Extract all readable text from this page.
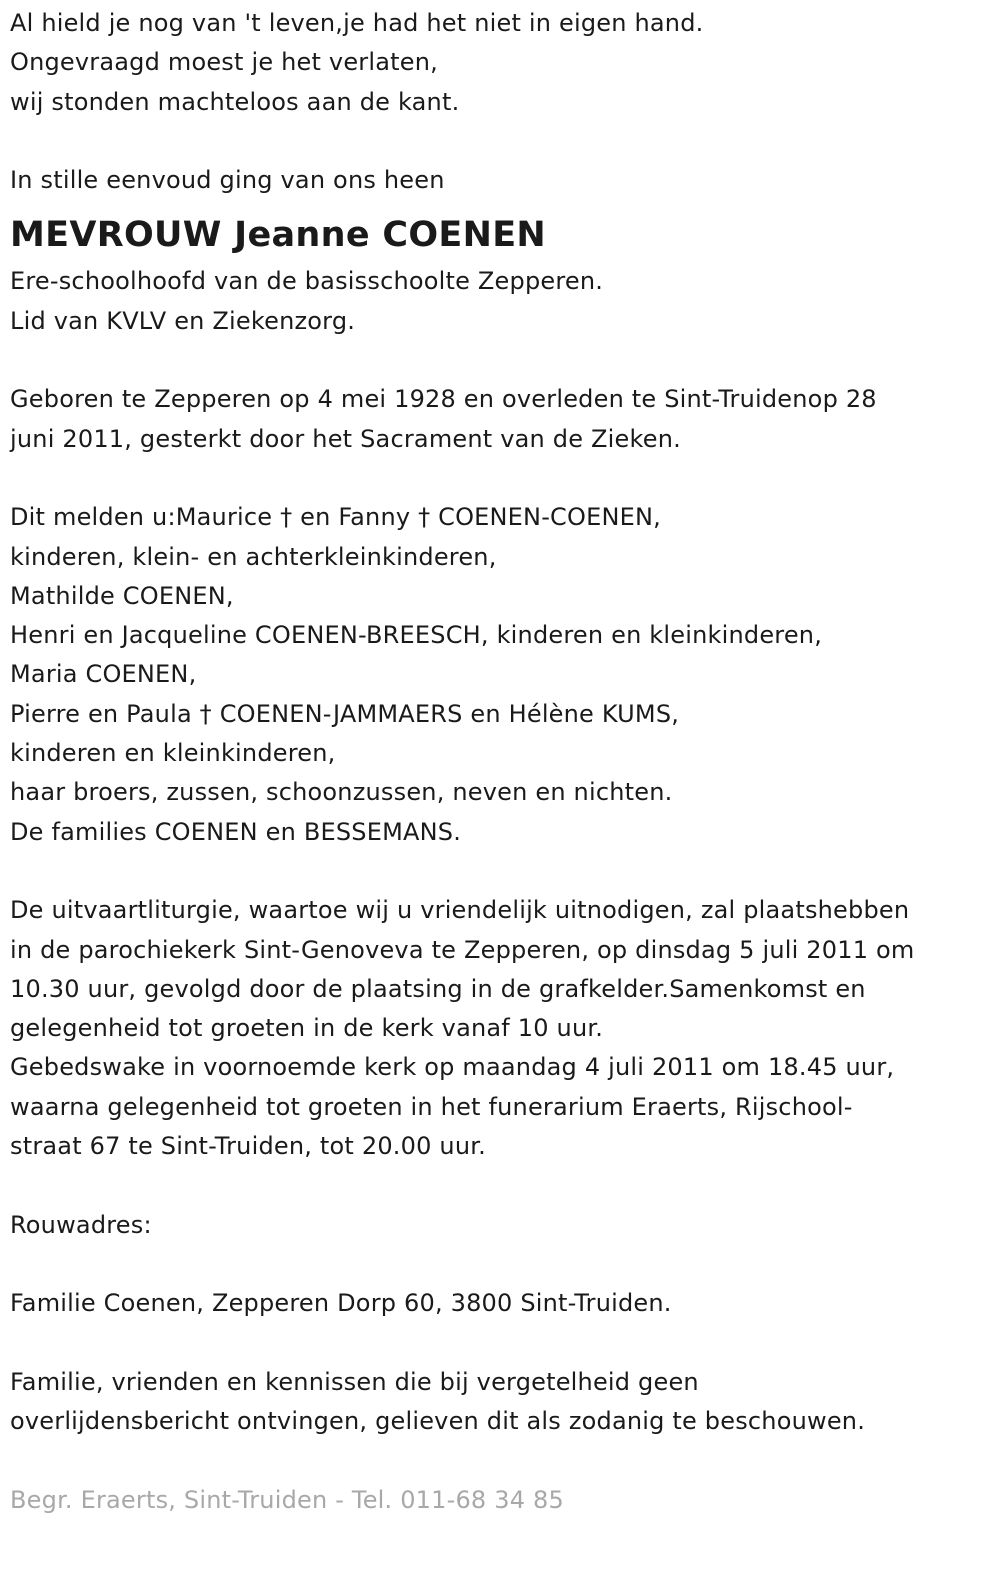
Al hield je nog van 't leven,je had het niet in eigen hand.
Ongevraagd moest je het verlaten,
wij stonden machteloos aan de kant.
In stille eenvoud ging van ons heen
MEVROUW Jeanne COENEN
Ere-schoolhoofd van de basisschoolte Zepperen.
Lid van KVLV en Ziekenzorg.
Geboren te Zepperen op 4 mei 1928 en overleden te Sint-Truidenop 28
juni 2011, gesterkt door het Sacrament van de Zieken.
Dit melden u:Maurice † en Fanny † COENEN-COENEN,
kinderen, klein- en achterkleinkinderen,
Mathilde COENEN,
Henri en Jacqueline COENEN-BREESCH, kinderen en kleinkinderen,
Maria COENEN,
Pierre en Paula † COENEN-JAMMAERS en Hélène KUMS,
kinderen en kleinkinderen,
haar broers, zussen, schoonzussen, neven en nichten.
De families COENEN en BESSEMANS.
De uitvaartliturgie, waartoe wij u vriendelijk uitnodigen, zal plaatshebben
in de parochiekerk Sint-Genoveva te Zepperen, op dinsdag 5 juli 2011 om
10.30 uur, gevolgd door de plaatsing in de grafkelder.Samenkomst en
gelegenheid tot groeten in de kerk vanaf 10 uur.
Gebedswake in voornoemde kerk op maandag 4 juli 2011 om 18.45 uur,
waarna gelegenheid tot groeten in het funerarium Eraerts, Rijschool-
straat 67 te Sint-Truiden, tot 20.00 uur.
Rouwadres:
Familie Coenen, Zepperen Dorp 60, 3800 Sint-Truiden.
Familie, vrienden en kennissen die bij vergetelheid geen
overlijdensbericht ontvingen, gelieven dit als zodanig te beschouwen.
Begr. Eraerts, Sint-Truiden - Tel. 011-68 34 85
